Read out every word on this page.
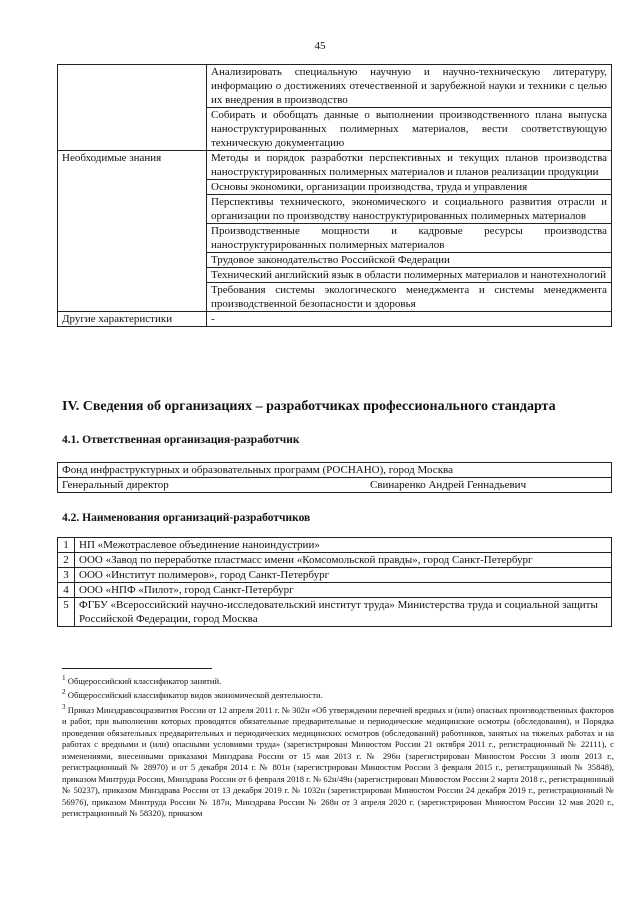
45
	Анализировать специальную научную и научно-техническую литературу, информацию о достижениях отечественной и зарубежной науки и техники с целью их внедрения в производство
	Собирать и обобщать данные о выполнении производственного плана выпуска наноструктурированных полимерных материалов, вести соответствующую техническую документацию
Необходимые знания	Методы и порядок разработки перспективных и текущих планов производства наноструктурированных полимерных материалов и планов реализации продукции
	Основы экономики, организации производства, труда и управления
	Перспективы технического, экономического и социального развития отрасли и организации по производству наноструктурированных полимерных материалов
	Производственные мощности и кадровые ресурсы производства наноструктурированных полимерных материалов
	Трудовое законодательство Российской Федерации
	Технический английский язык в области полимерных материалов и нанотехнологий
	Требования системы экологического менеджмента и системы менеджмента производственной безопасности и здоровья
Другие характеристики	-
IV. Сведения об организациях – разработчиках профессионального стандарта
4.1. Ответственная организация-разработчик
Фонд инфраструктурных и образовательных программ (РОСНАНО), город Москва
Генеральный директор	Свинаренко Андрей Геннадьевич
4.2. Наименования организаций-разработчиков
1	НП «Межотраслевое объединение наноиндустрии»
2	ООО «Завод по переработке пластмасс имени «Комсомольской правды», город Санкт-Петербург
3	ООО «Институт полимеров», город Санкт-Петербург
4	ООО «НПФ «Пилот», город Санкт-Петербург
5	ФГБУ «Всероссийский научно-исследовательский институт труда» Министерства труда и социальной защиты Российской Федерации, город Москва

$^1$ Общероссийский классификатор занятий.

$^2$ Общероссийский классификатор видов экономической деятельности.

$^3$ Приказ Минздравсоцразвития России от 12 апреля 2011 г. № 302н «Об утверждении перечней вредных и (или) опасных производственных факторов и работ, при выполнении которых проводятся обязательные предварительные и периодические медицинские осмотры (обследования), и Порядка проведения обязательных предварительных и периодических медицинских осмотров (обследований) работников, занятых на тяжелых работах и на работах с вредными и (или) опасными условиями труда» (зарегистрирован Минюстом России 21 октября 2011 г., регистрационный № 22111), с изменениями, внесенными приказами Минздрава России от 15 мая 2013 г. № 296н (зарегистрирован Минюстом России 3 июля 2013 г., регистрационный № 28970) и от 5 декабря 2014 г. № 801н (зарегистрирован Минюстом России 3 февраля 2015 г., регистрационный № 35848), приказом Минтруда России, Минздрава России от 6 февраля 2018 г. № 62н/49н (зарегистрирован Минюстом России 2 марта 2018 г., регистрационный № 50237), приказом Минздрава России от 13 декабря 2019 г. № 1032н (зарегистрирован Минюстом России 24 декабря 2019 г., регистрационный № 56976), приказом Минтруда России № 187н, Минздрава России № 268н от 3 апреля 2020 г. (зарегистрирован Минюстом России 12 мая 2020 г., регистрационный № 58320), приказом
